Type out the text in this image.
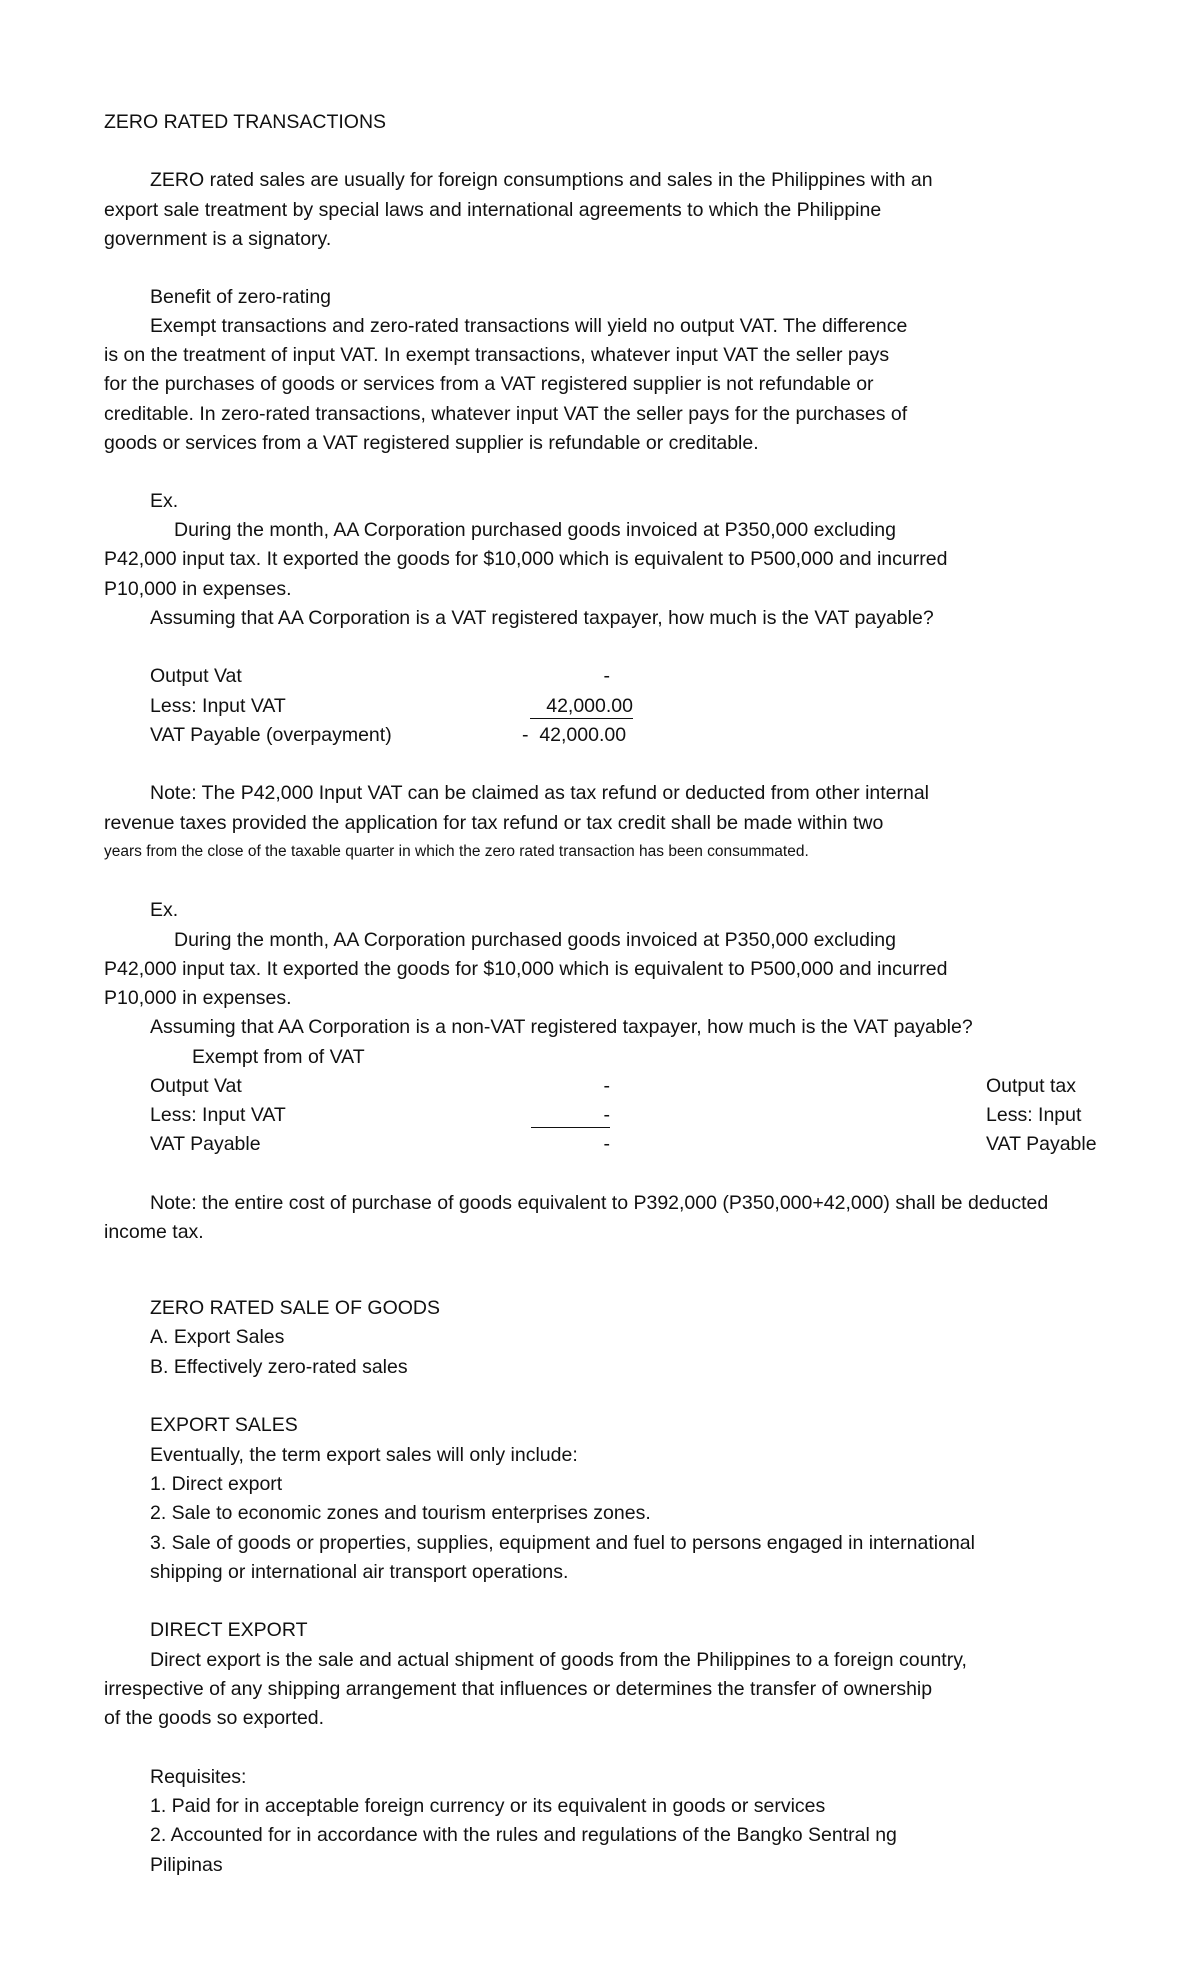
ZERO RATED TRANSACTIONS
ZERO rated sales are usually for foreign consumptions and sales in the Philippines with an
export sale treatment by special laws and international agreements to which the Philippine
government is a signatory.
Benefit of zero-rating
Exempt transactions and zero-rated transactions will yield no output VAT. The difference
is on the treatment of input VAT. In exempt transactions, whatever input VAT the seller pays
for the purchases of goods or services from a VAT registered supplier is not refundable or
creditable. In zero-rated transactions, whatever input VAT the seller pays for the purchases of
goods or services from a VAT registered supplier is refundable or creditable.
Ex.
During the month, AA Corporation purchased goods invoiced at P350,000 excluding
P42,000 input tax. It exported the goods for $10,000 which is equivalent to P500,000 and incurred
P10,000 in expenses.
Assuming that AA Corporation is a VAT registered taxpayer, how much is the VAT payable?
Output Vat	-
Less: Input VAT	42,000.00
VAT Payable (overpayment)	-  42,000.00
Note: The P42,000 Input VAT can be claimed as tax refund or deducted from other internal
revenue taxes provided the application for tax refund or tax credit shall be made within two
years from the close of the taxable quarter in which the zero rated transaction has been consummated.
Ex.
During the month, AA Corporation purchased goods invoiced at P350,000 excluding
P42,000 input tax. It exported the goods for $10,000 which is equivalent to P500,000 and incurred
P10,000 in expenses.
Assuming that AA Corporation is a non-VAT registered taxpayer, how much is the VAT payable?
Exempt from of VAT
Output Vat	-	Output tax
Less: Input VAT	-	Less: Input
VAT Payable	-	VAT Payable
Note: the entire cost of purchase of goods equivalent to P392,000 (P350,000+42,000) shall be deducted
income tax.
ZERO RATED SALE OF GOODS
A. Export Sales
B. Effectively zero-rated sales
EXPORT SALES
Eventually, the term export sales will only include:
1. Direct export
2. Sale to economic zones and tourism enterprises zones.
3. Sale of goods or properties, supplies, equipment and fuel to persons engaged in international
shipping or international air transport operations.
DIRECT EXPORT
Direct export is the sale and actual shipment of goods from the Philippines to a foreign country,
irrespective of any shipping arrangement that influences or determines the transfer of ownership
of the goods so exported.
Requisites:
1. Paid for in acceptable foreign currency or its equivalent in goods or services
2. Accounted for in accordance with the rules and regulations of the Bangko Sentral ng
Pilipinas
